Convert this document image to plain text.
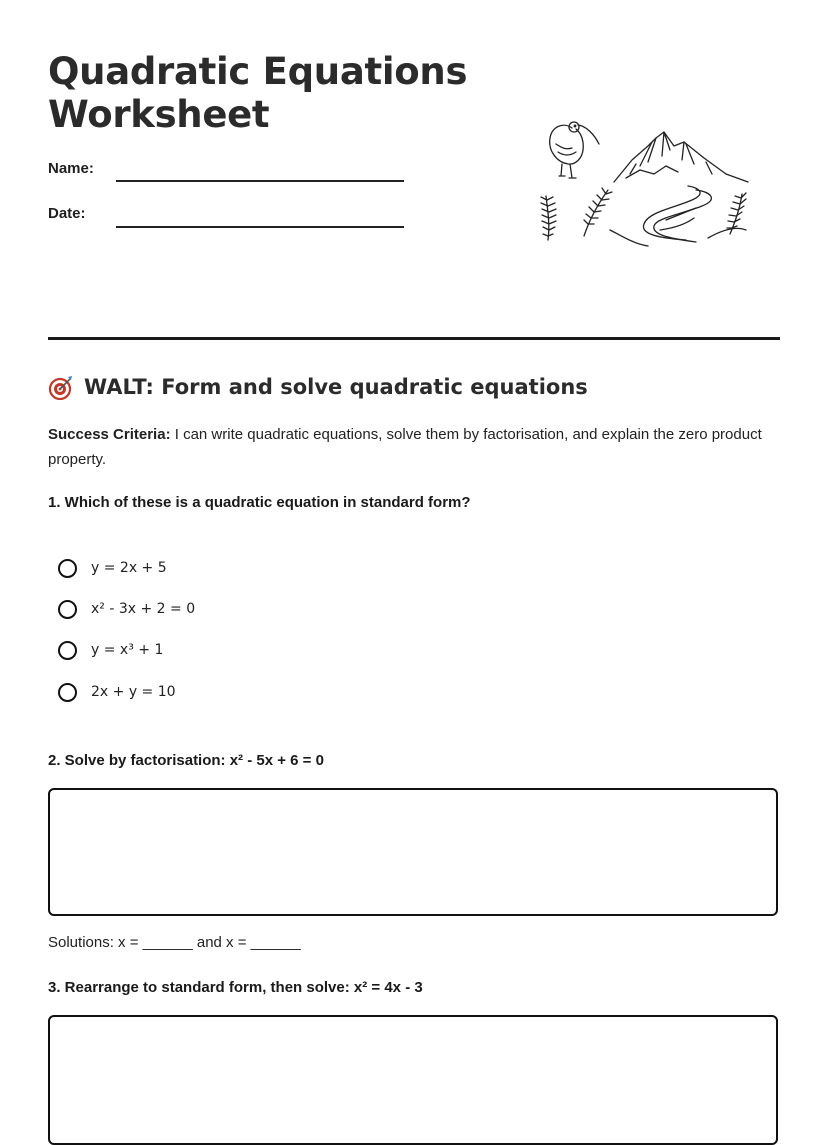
Quadratic Equations Worksheet
Name:
Date:
WALT: Form and solve quadratic equations
Success Criteria: I can write quadratic equations, solve them by factorisation, and explain the zero product property.
1. Which of these is a quadratic equation in standard form?
y = 2x + 5
x² - 3x + 2 = 0
y = x³ + 1
2x + y = 10
2. Solve by factorisation: x² - 5x + 6 = 0
Solutions: x = ______ and x = ______
3. Rearrange to standard form, then solve: x² = 4x - 3
